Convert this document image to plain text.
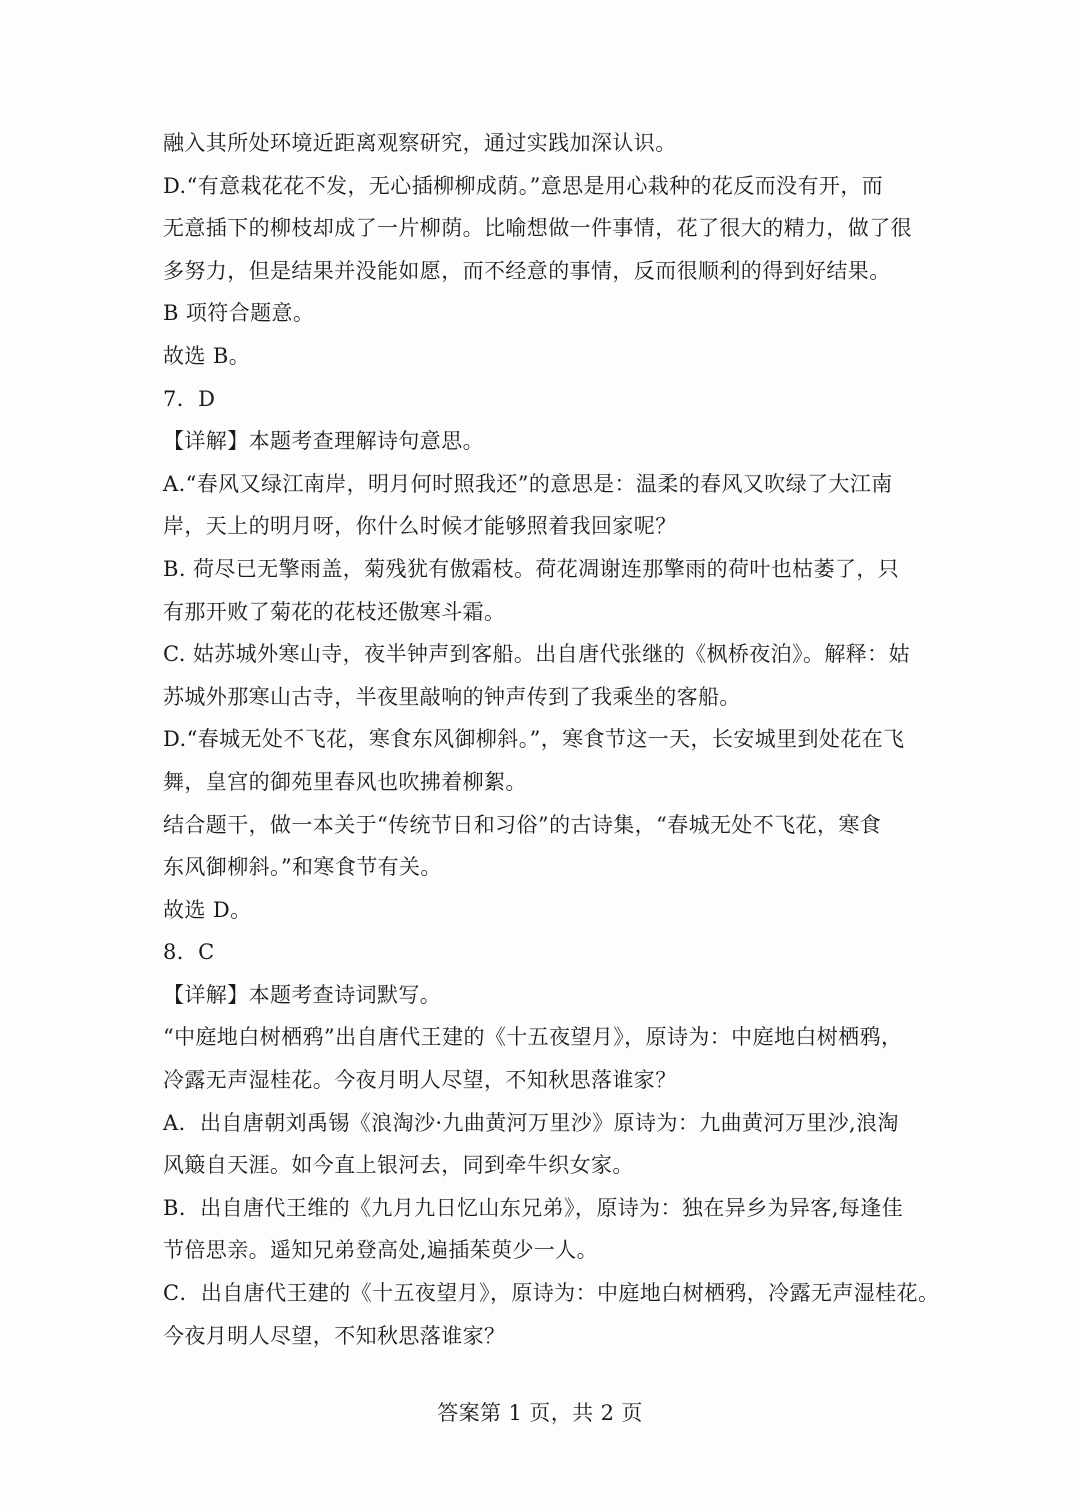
融入其所处环境近距离观察研究，通过实践加深认识。
D.“有意栽花花不发，无心插柳柳成荫。”意思是用心栽种的花反而没有开，而
无意插下的柳枝却成了一片柳荫。比喻想做一件事情，花了很大的精力，做了很
多努力，但是结果并没能如愿，而不经意的事情，反而很顺利的得到好结果。
B 项符合题意。
故选 B。
7．D
【详解】本题考查理解诗句意思。
A.“春风又绿江南岸，明月何时照我还”的意思是：温柔的春风又吹绿了大江南
岸，天上的明月呀，你什么时候才能够照着我回家呢？
B. 荷尽已无擎雨盖，菊残犹有傲霜枝。荷花凋谢连那擎雨的荷叶也枯萎了，只
有那开败了菊花的花枝还傲寒斗霜。
C. 姑苏城外寒山寺，夜半钟声到客船。出自唐代张继的《枫桥夜泊》。解释：姑
苏城外那寒山古寺，半夜里敲响的钟声传到了我乘坐的客船。
D.“春城无处不飞花，寒食东风御柳斜。”，寒食节这一天，长安城里到处花在飞
舞，皇宫的御苑里春风也吹拂着柳絮。
结合题干，做一本关于“传统节日和习俗”的古诗集，“春城无处不飞花，寒食
东风御柳斜。”和寒食节有关。
故选 D。
8．C
【详解】本题考查诗词默写。
“中庭地白树栖鸦”出自唐代王建的《十五夜望月》，原诗为：中庭地白树栖鸦，
冷露无声湿桂花。今夜月明人尽望，不知秋思落谁家？
A．出自唐朝刘禹锡《浪淘沙·九曲黄河万里沙》原诗为：九曲黄河万里沙,浪淘
风簸自天涯。如今直上银河去，同到牵牛织女家。
B．出自唐代王维的《九月九日忆山东兄弟》，原诗为：独在异乡为异客,每逢佳
节倍思亲。遥知兄弟登高处,遍插茱萸少一人。
C．出自唐代王建的《十五夜望月》，原诗为：中庭地白树栖鸦，冷露无声湿桂花。
今夜月明人尽望，不知秋思落谁家？
答案第 1 页，共 2 页
